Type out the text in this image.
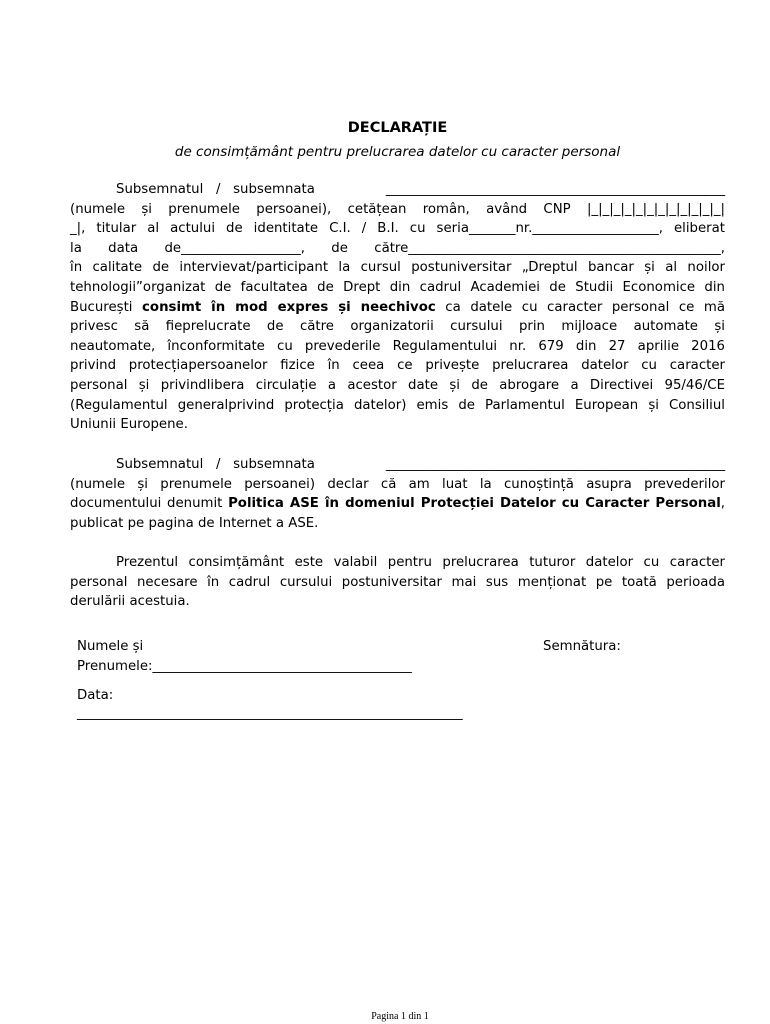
DECLARAȚIE
de consimțământ pentru prelucrarea datelor cu caracter personal
Subsemnatul   /   subsemnata	___________________________________________________
(numele și prenumele persoanei), cetățean român, având CNP |_|_|_|_|_|_|_|_|_|_|_|_|
_|, titular al actului de identitate C.I. / B.I. cu seria_______nr.___________________, eliberat
la data de__________________, de către_______________________________________________,
în calitate de intervievat/participant la cursul postuniversitar „Dreptul bancar și al noilor
tehnologii”organizat de facultatea de Drept din cadrul Academiei de Studii Economice din
București consimt în mod expres și neechivoc ca datele cu caracter personal ce mă
privesc să fieprelucrate de către organizatorii cursului prin mijloace automate și
neautomate, înconformitate cu prevederile Regulamentului nr. 679 din 27 aprilie 2016
privind protecțiapersoanelor fizice în ceea ce privește prelucrarea datelor cu caracter
personal și privindlibera circulație a acestor date și de abrogare a Directivei 95/46/CE
(Regulamentul generalprivind protecția datelor) emis de Parlamentul European și Consiliul
Uniunii Europene.
Subsemnatul   /   subsemnata	___________________________________________________
(numele și prenumele persoanei) declar că am luat la cunoștință asupra prevederilor
documentului denumit Politica ASE în domeniul Protecției Datelor cu Caracter Personal,
publicat pe pagina de Internet a ASE.
Prezentul consimțământ este valabil pentru prelucrarea tuturor datelor cu caracter
personal necesare în cadrul cursului postuniversitar mai sus menționat pe toată perioada
derulării acestuia.
Numele și
Prenumele:_______________________________________
Semnătura:
Data:
__________________________________________________________
Pagina 1 din 1
